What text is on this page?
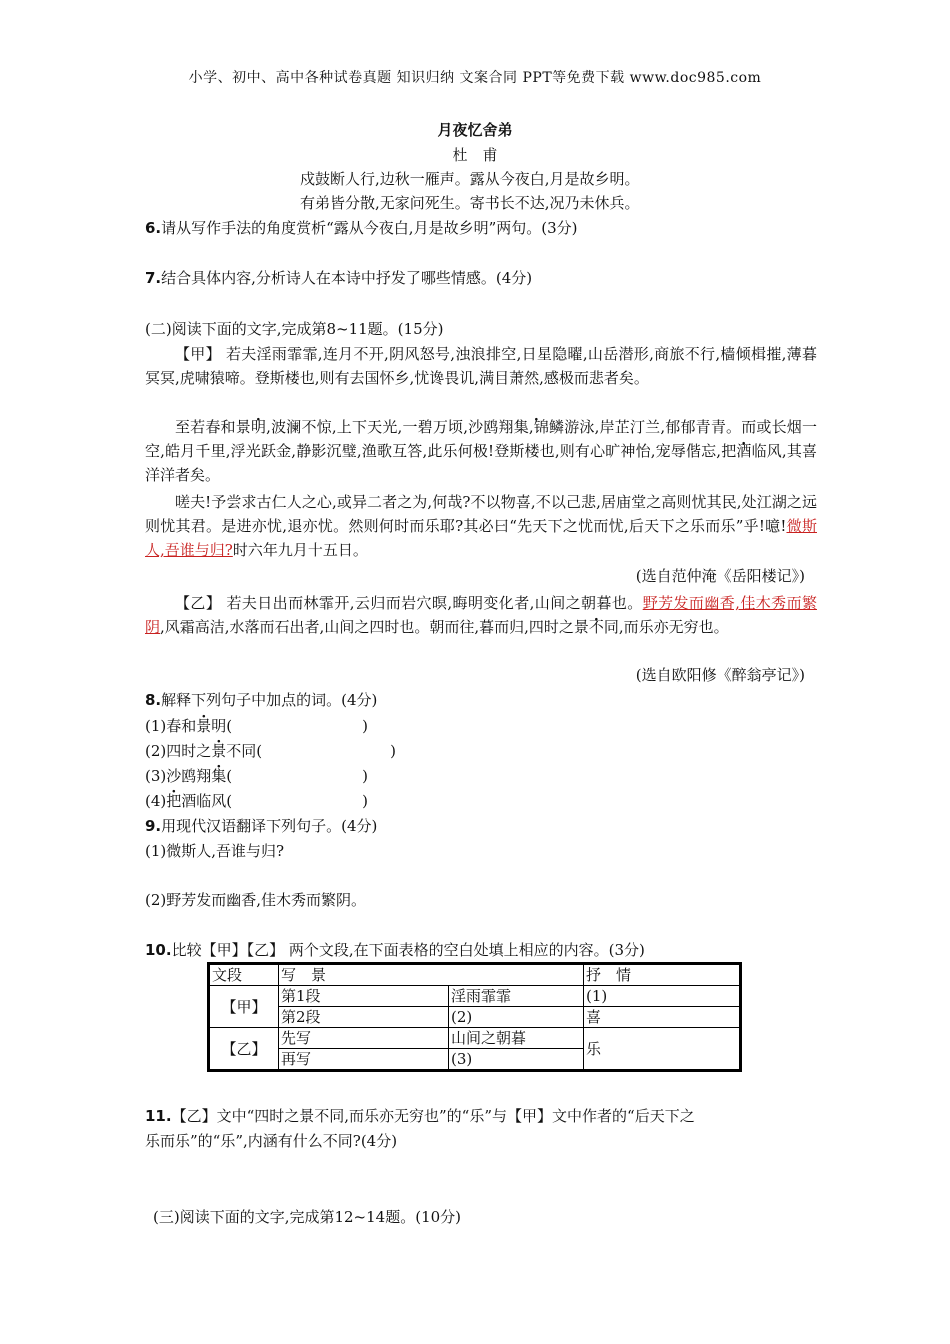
小学、初中、高中各种试卷真题 知识归纳 文案合同 PPT等免费下载 www.doc985.com
月夜忆舍弟
杜　甫
戍鼓断人行,边秋一雁声。露从今夜白,月是故乡明。
有弟皆分散,无家问死生。寄书长不达,况乃未休兵。
6.请从写作手法的角度赏析“露从今夜白,月是故乡明”两句。(3分)
7.结合具体内容,分析诗人在本诗中抒发了哪些情感。(4分)
(二)阅读下面的文字,完成第8~11题。(15分)
【甲】 若夫淫雨霏霏,连月不开,阴风怒号,浊浪排空,日星隐曜,山岳潜形,商旅不行,樯倾楫摧,薄暮冥冥,虎啸猿啼。登斯楼也,则有去国怀乡,忧谗畏讥,满目萧然,感极而悲者矣。
至若春和景明,波澜不惊,上下天光,一碧万顷,沙鸥翔集,锦鳞游泳,岸芷汀兰,郁郁青青。而或长烟一空,皓月千里,浮光跃金,静影沉璧,渔歌互答,此乐何极!登斯楼也,则有心旷神怡,宠辱偕忘,把酒临风,其喜洋洋者矣。
嗟夫!予尝求古仁人之心,或异二者之为,何哉?不以物喜,不以己悲,居庙堂之高则忧其民,处江湖之远则忧其君。是进亦忧,退亦忧。然则何时而乐耶?其必曰“先天下之忧而忧,后天下之乐而乐”乎!噫!微斯人,吾谁与归?时六年九月十五日。
(选自范仲淹《岳阳楼记》)
【乙】 若夫日出而林霏开,云归而岩穴暝,晦明变化者,山间之朝暮也。野芳发而幽香,佳木秀而繁阴,风霜高洁,水落而石出者,山间之四时也。朝而往,暮而归,四时之景不同,而乐亦无穷也。
(选自欧阳修《醉翁亭记》)
8.解释下列句子中加点的词。(4分)
(1)春和景明(	)
(2)四时之景不同(	)
(3)沙鸥翔集(	)
(4)把酒临风(	)
9.用现代汉语翻译下列句子。(4分)
(1)微斯人,吾谁与归?
(2)野芳发而幽香,佳木秀而繁阴。
10.比较【甲】【乙】 两个文段,在下面表格的空白处填上相应的内容。(3分)
文段	写　景		抒　情
【甲】	第1段	淫雨霏霏	(1)
	第2段	(2)	喜
【乙】	先写	山间之朝暮	乐
	再写	(3)	
11.【乙】文中“四时之景不同,而乐亦无穷也”的“乐”与【甲】文中作者的“后天下之
乐而乐”的“乐”,内涵有什么不同?(4分)
(三)阅读下面的文字,完成第12~14题。(10分)
